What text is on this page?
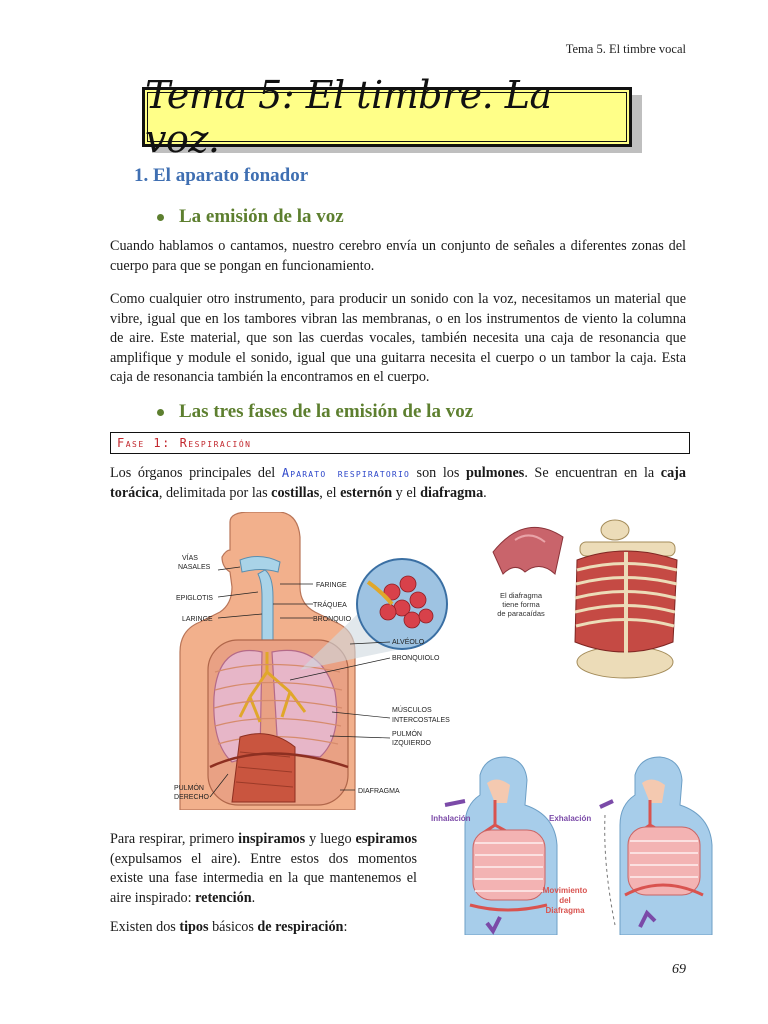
Tema 5. El timbre vocal
Tema 5: El timbre. La voz.
1. El aparato fonador
La emisión de la voz

Cuando hablamos o cantamos, nuestro cerebro envía un conjunto de señales a diferentes zonas del cuerpo para que se pongan en funcionamiento.

Como cualquier otro instrumento, para producir un sonido con la voz, necesitamos un material que vibre, igual que en los tambores vibran las membranas, o en los instrumentos de viento la columna de aire. Este material, que son las cuerdas vocales, también necesita una caja de resonancia que amplifique y module el sonido, igual que una guitarra necesita el cuerpo o un tambor la caja. Esta caja de resonancia también la encontramos en el cuerpo.

Las tres fases de la emisión de la voz
Fase 1: Respiración

Los órganos principales del Aparato respiratorio son los pulmones. Se encuentran en la caja torácica, delimitada por las costillas, el esternón y el diafragma.

VÍAS
NASALES
FARINGE
EPIGLOTIS
TRÁQUEA
LARINGE	BRONQUIO
ALVÉOLO
BRONQUIOLO
MÚSCULOS
INTERCOSTALES
PULMÓN
IZQUIERDO
PULMÓN
DERECHO
DIAFRAGMA
El diafragma
tiene forma
de paracaídas
Inhalación	Exhalación
Movimiento
del
Diafragma

Para respirar, primero inspiramos y luego espiramos (expulsamos el aire). Entre estos dos momentos existe una fase intermedia en la que mantenemos el aire inspirado: retención.

Existen dos tipos básicos de respiración:

69
